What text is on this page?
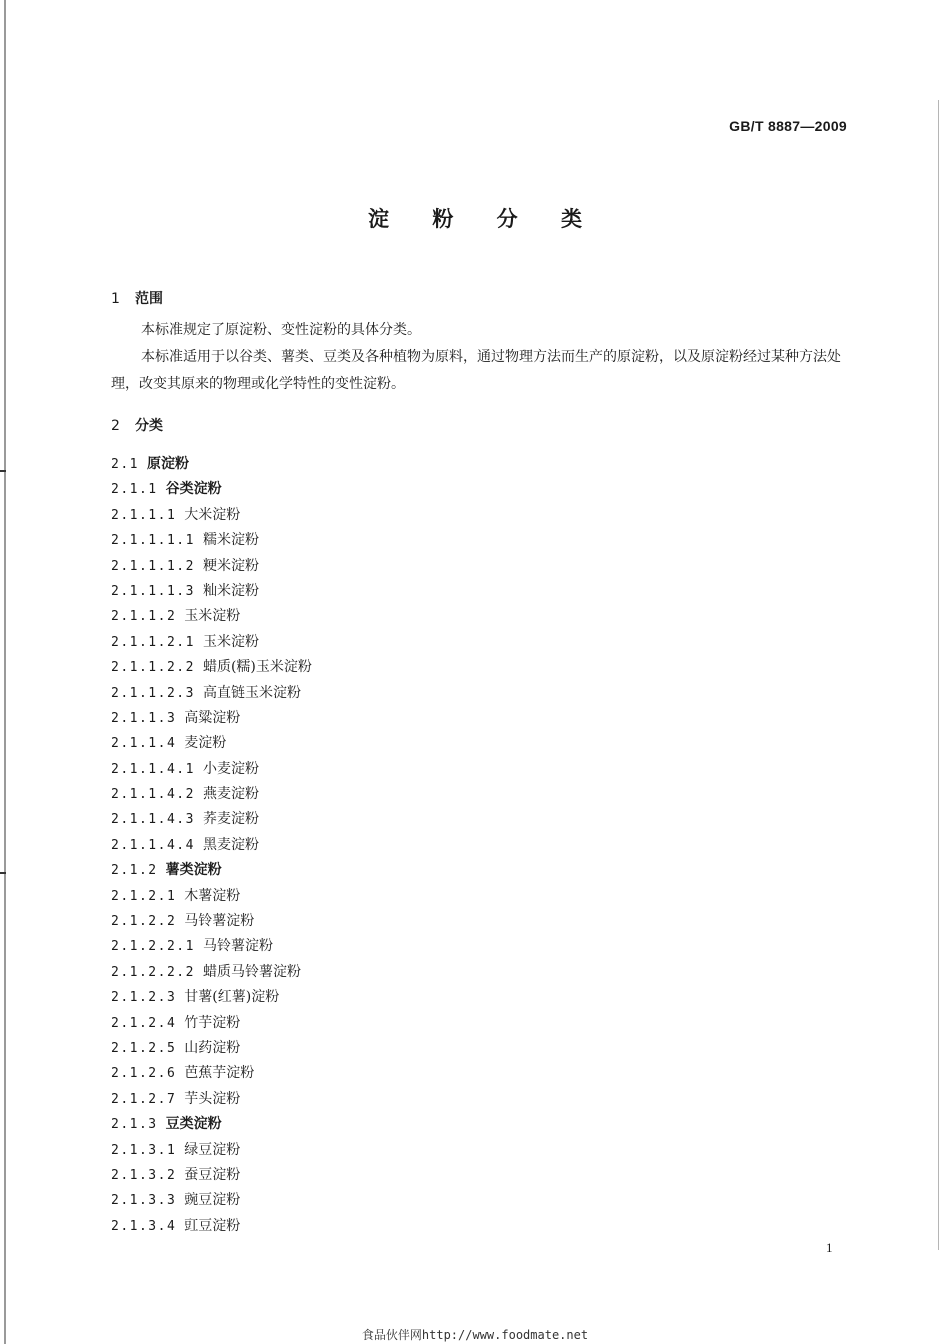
GB/T 8887—2009
淀 粉 分 类
1 范围
本标准规定了原淀粉、变性淀粉的具体分类。
本标准适用于以谷类、薯类、豆类及各种植物为原料，通过物理方法而生产的原淀粉，以及原淀粉经过某种方法处理，改变其原来的物理或化学特性的变性淀粉。
2 分类
2.1 原淀粉
2.1.1 谷类淀粉
2.1.1.1 大米淀粉
2.1.1.1.1 糯米淀粉
2.1.1.1.2 粳米淀粉
2.1.1.1.3 籼米淀粉
2.1.1.2 玉米淀粉
2.1.1.2.1 玉米淀粉
2.1.1.2.2 蜡质(糯)玉米淀粉
2.1.1.2.3 高直链玉米淀粉
2.1.1.3 高粱淀粉
2.1.1.4 麦淀粉
2.1.1.4.1 小麦淀粉
2.1.1.4.2 燕麦淀粉
2.1.1.4.3 荞麦淀粉
2.1.1.4.4 黑麦淀粉
2.1.2 薯类淀粉
2.1.2.1 木薯淀粉
2.1.2.2 马铃薯淀粉
2.1.2.2.1 马铃薯淀粉
2.1.2.2.2 蜡质马铃薯淀粉
2.1.2.3 甘薯(红薯)淀粉
2.1.2.4 竹芋淀粉
2.1.2.5 山药淀粉
2.1.2.6 芭蕉芋淀粉
2.1.2.7 芋头淀粉
2.1.3 豆类淀粉
2.1.3.1 绿豆淀粉
2.1.3.2 蚕豆淀粉
2.1.3.3 豌豆淀粉
2.1.3.4 豇豆淀粉
1
食品伙伴网http://www.foodmate.net
